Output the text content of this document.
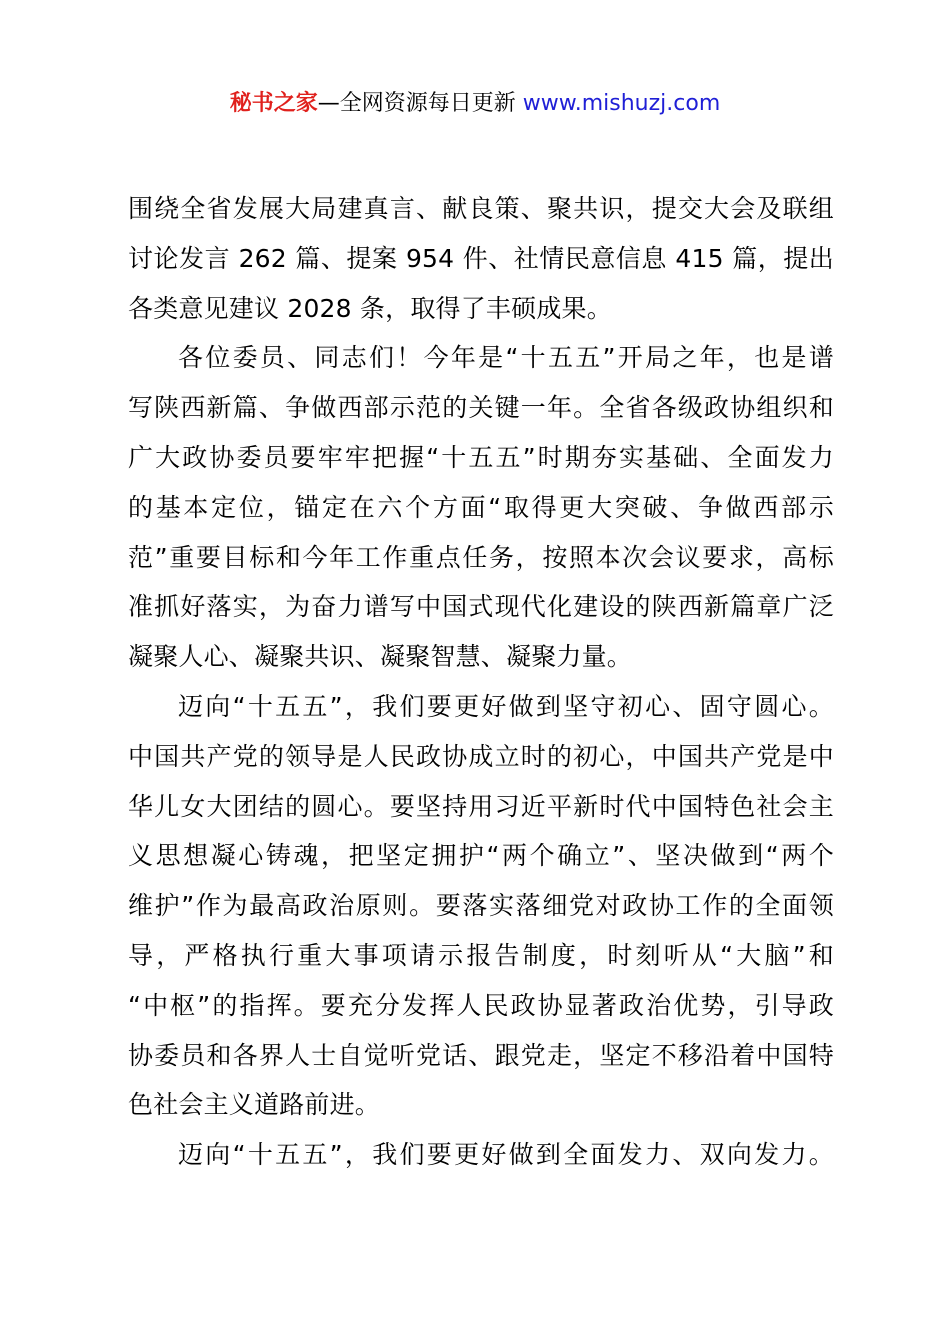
秘书之家—全网资源每日更新 www.mishuzj.com
围绕全省发展大局建真言、献良策、聚共识，提交大会及联组
讨论发言 262 篇、提案 954 件、社情民意信息 415 篇，提出
各类意见建议 2028 条，取得了丰硕成果。
各位委员、同志们！今年是“十五五”开局之年，也是谱
写陕西新篇、争做西部示范的关键一年。全省各级政协组织和
广大政协委员要牢牢把握“十五五”时期夯实基础、全面发力
的基本定位，锚定在六个方面“取得更大突破、争做西部示
范”重要目标和今年工作重点任务，按照本次会议要求，高标
准抓好落实，为奋力谱写中国式现代化建设的陕西新篇章广泛
凝聚人心、凝聚共识、凝聚智慧、凝聚力量。
迈向“十五五”，我们要更好做到坚守初心、固守圆心。
中国共产党的领导是人民政协成立时的初心，中国共产党是中
华儿女大团结的圆心。要坚持用习近平新时代中国特色社会主
义思想凝心铸魂，把坚定拥护“两个确立”、坚决做到“两个
维护”作为最高政治原则。要落实落细党对政协工作的全面领
导，严格执行重大事项请示报告制度，时刻听从“大脑”和
“中枢”的指挥。要充分发挥人民政协显著政治优势，引导政
协委员和各界人士自觉听党话、跟党走，坚定不移沿着中国特
色社会主义道路前进。
迈向“十五五”，我们要更好做到全面发力、双向发力。
